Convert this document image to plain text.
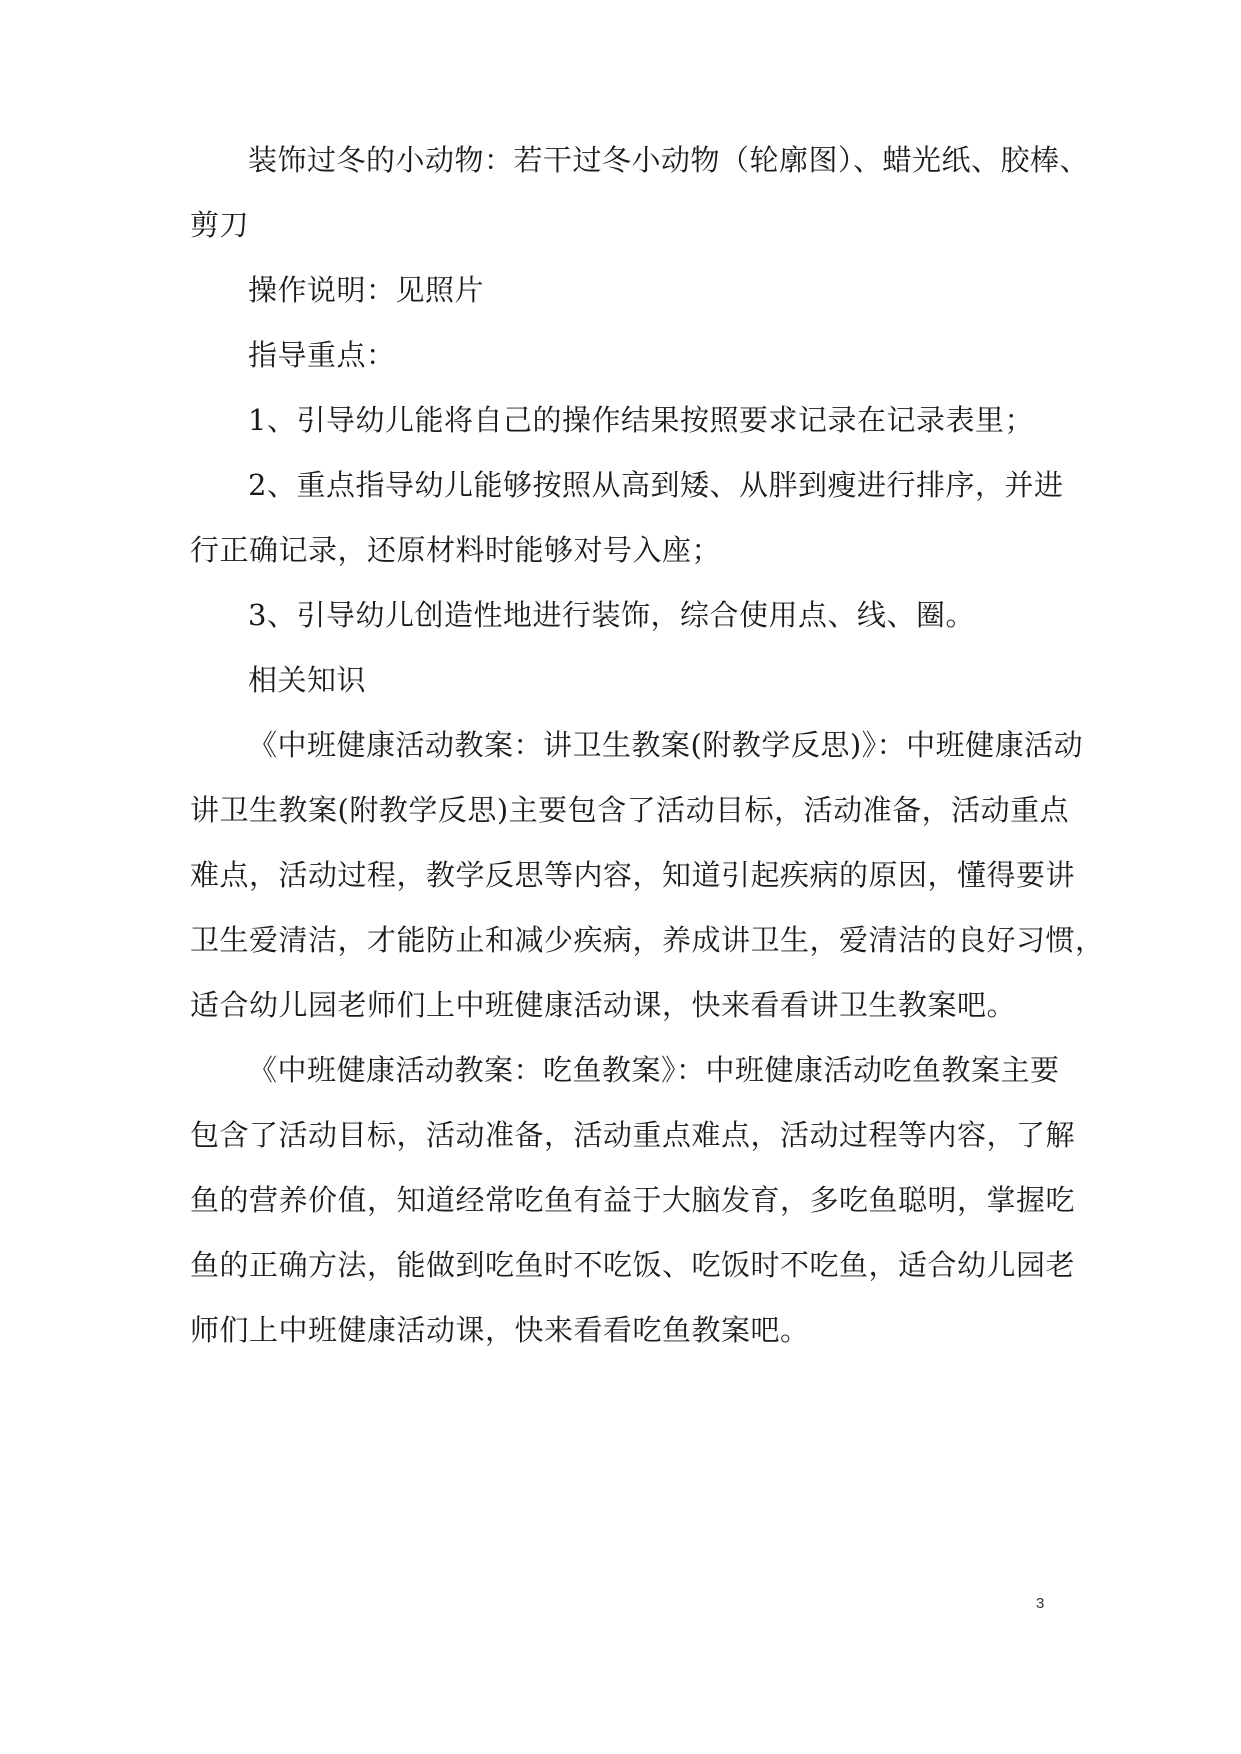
装饰过冬的小动物：若干过冬小动物（轮廓图）、蜡光纸、胶棒、
剪刀
操作说明：见照片
指导重点：
1、引导幼儿能将自己的操作结果按照要求记录在记录表里；
2、重点指导幼儿能够按照从高到矮、从胖到瘦进行排序，并进
行正确记录，还原材料时能够对号入座；
3、引导幼儿创造性地进行装饰，综合使用点、线、圈。
相关知识
《中班健康活动教案：讲卫生教案(附教学反思)》：中班健康活动
讲卫生教案(附教学反思)主要包含了活动目标，活动准备，活动重点
难点，活动过程，教学反思等内容，知道引起疾病的原因，懂得要讲
卫生爱清洁，才能防止和减少疾病，养成讲卫生，爱清洁的良好习惯，
适合幼儿园老师们上中班健康活动课，快来看看讲卫生教案吧。
《中班健康活动教案：吃鱼教案》：中班健康活动吃鱼教案主要
包含了活动目标，活动准备，活动重点难点，活动过程等内容，了解
鱼的营养价值，知道经常吃鱼有益于大脑发育，多吃鱼聪明，掌握吃
鱼的正确方法，能做到吃鱼时不吃饭、吃饭时不吃鱼，适合幼儿园老
师们上中班健康活动课，快来看看吃鱼教案吧。
3
